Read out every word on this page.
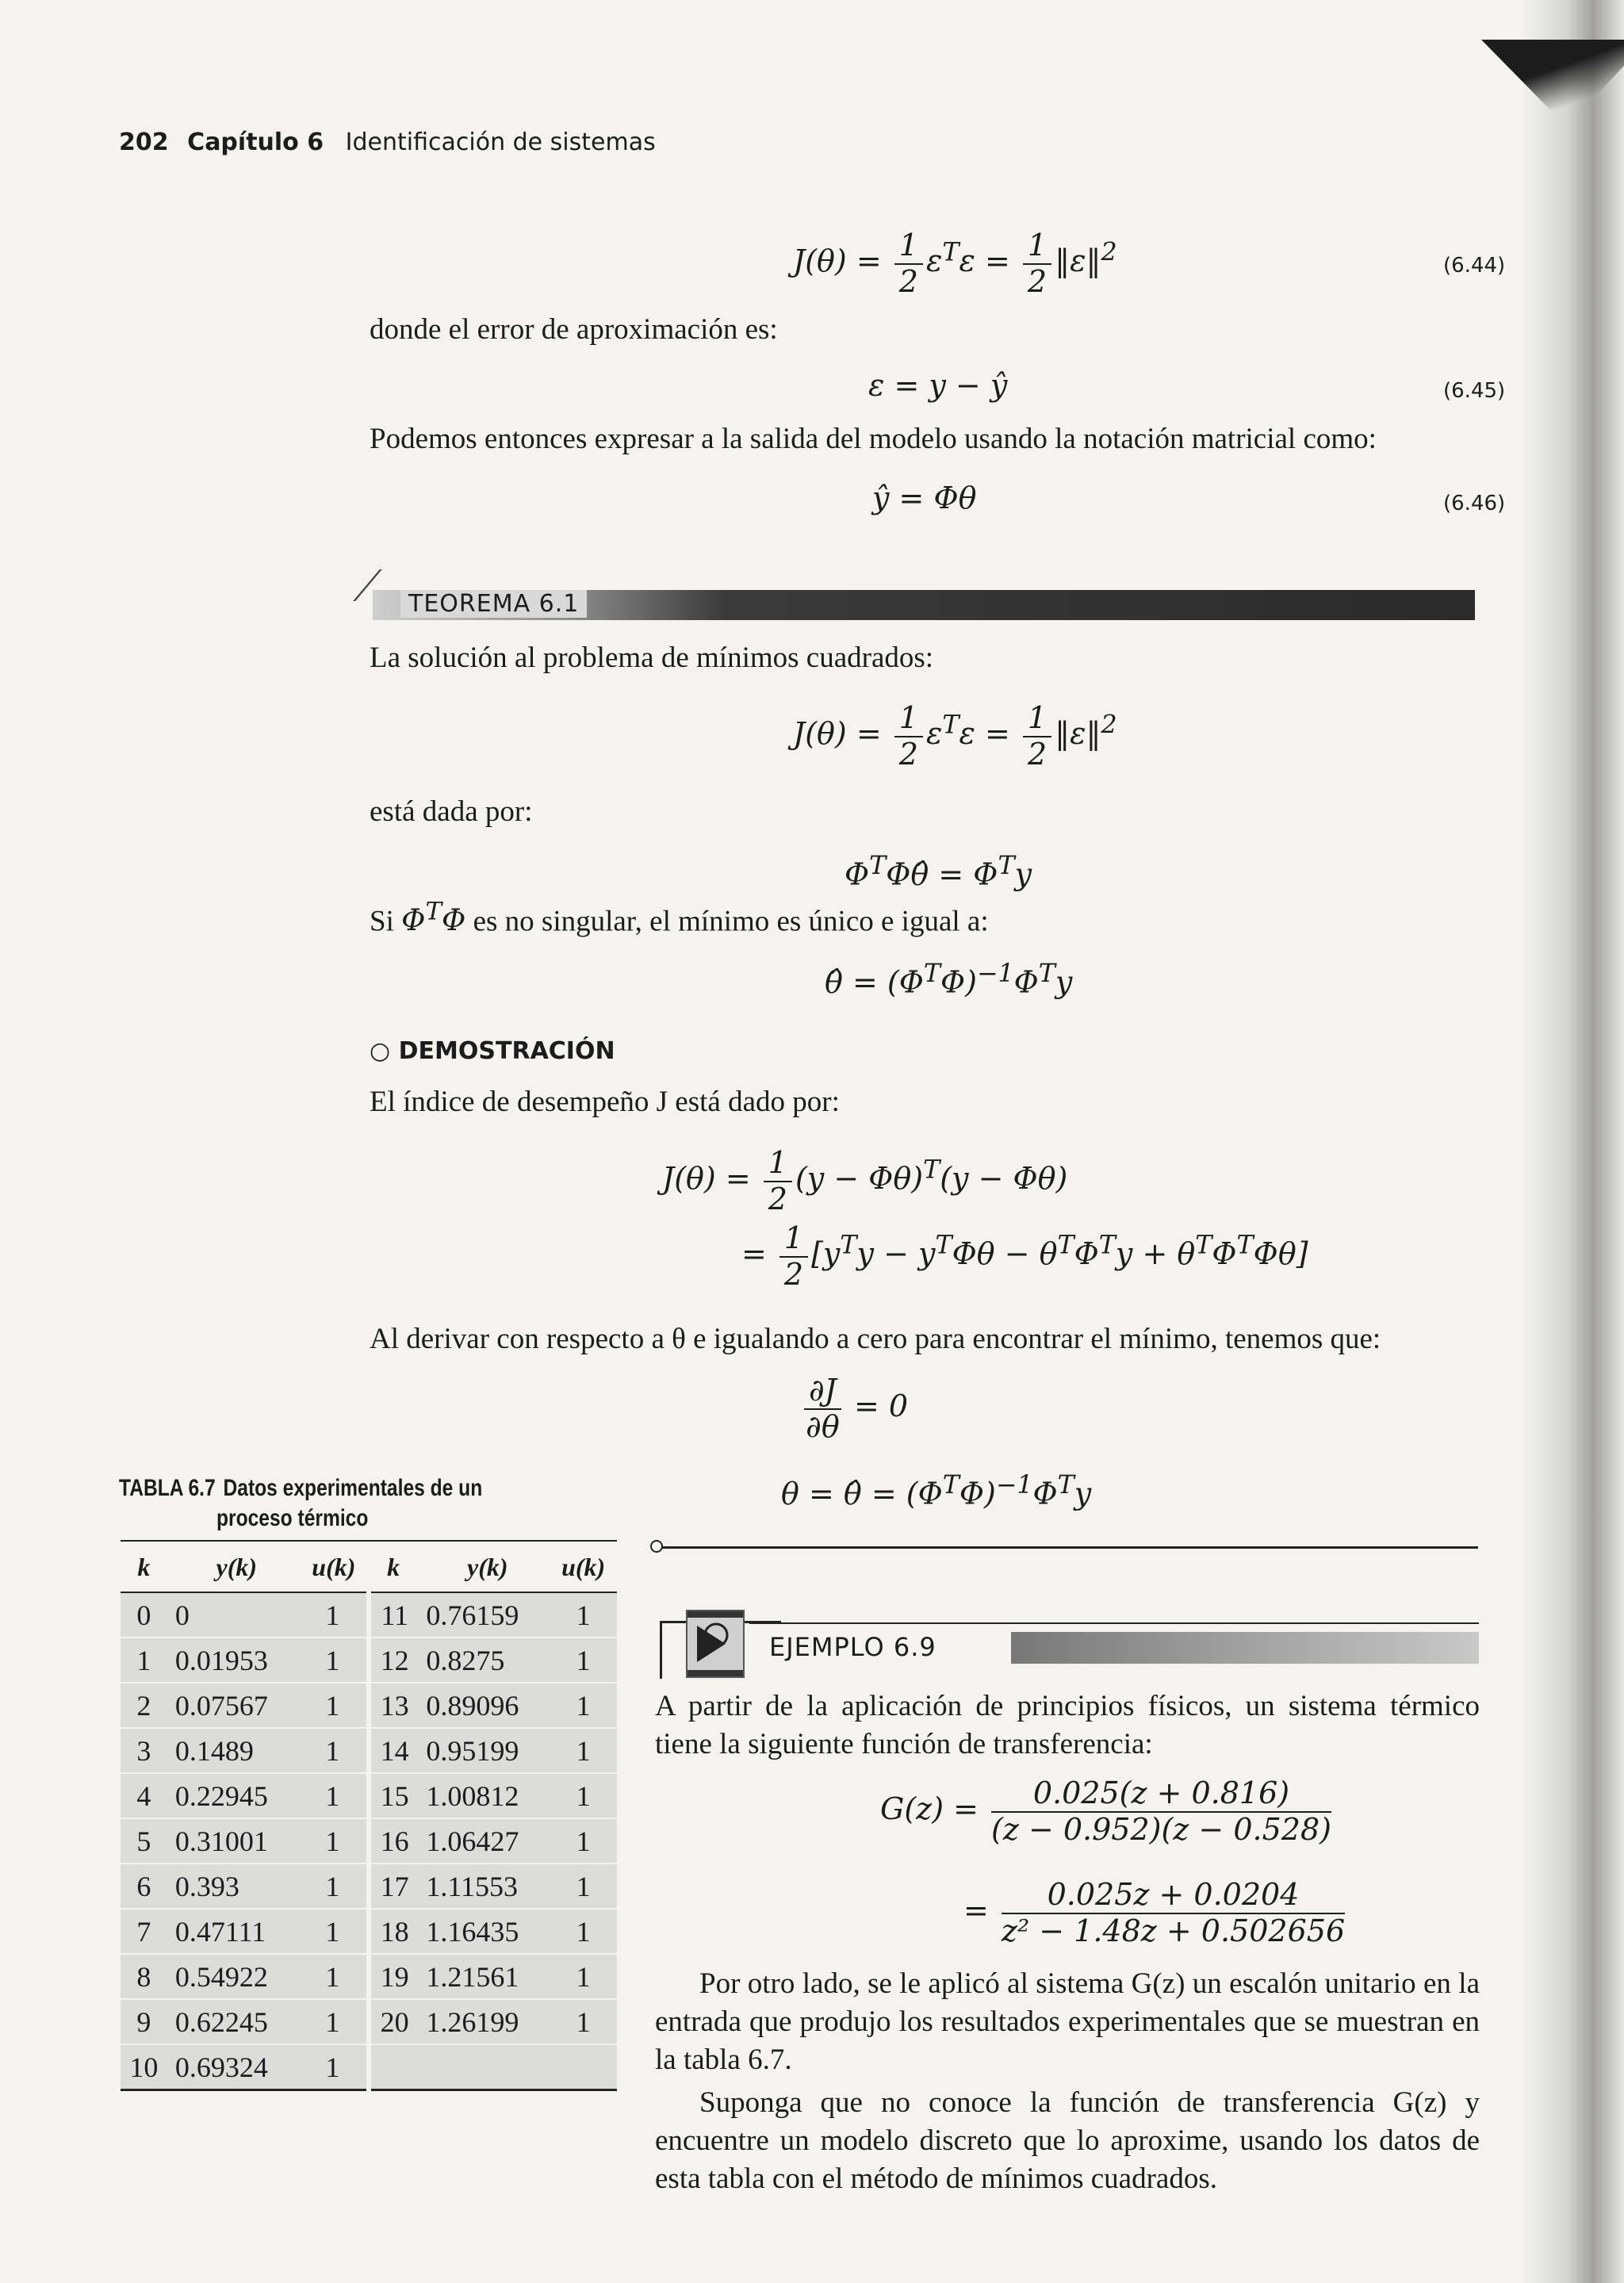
202 Capítulo 6 Identificación de sistemas
$J(\theta) = \frac{1}{2} \varepsilon^T\varepsilon = \frac{1}{2}$ ‖ε‖$^2$	(6.44)
donde el error de aproximación es:
ε = y − ŷ	(6.45)
Podemos entonces expresar a la salida del modelo usando la notación matricial como:
ŷ = Φθ	(6.46)
TEOREMA 6.1
La solución al problema de mínimos cuadrados:
$J(\theta) = \frac{1}{2} \varepsilon^T\varepsilon = \frac{1}{2}$ ‖ε‖$^2$
está dada por:
$\Phi^T\Phi\thetâ = \Phi^Ty$
Si $\Phi^T\Phi$ es no singular, el mínimo es único e igual a:
θ̂ = $(\Phi^T\Phi)^{-1}\Phi^Ty$
○ DEMOSTRACIÓN
El índice de desempeño J está dado por:
$J(\theta) = \frac{1}{2} (y - \Phi\theta)^T(y - \Phi\theta)$
= $\frac{1}{2} [y^Ty - y^T\Phi\theta - \theta^T\Phi^Ty + \theta^T\Phi^T\Phi\theta]$
Al derivar con respecto a θ e igualando a cero para encontrar el mínimo, tenemos que:
$\frac{\partial J}{\partial\theta} = 0$
θ = θ̂ = $(\Phi^T\Phi)^{-1}\Phi^Ty$
TABLA 6.7 Datos experimentales de un
proceso térmico
k	y(k)	u(k)	k	y(k)	u(k)
0	0	1	11	0.76159	1
1	0.01953	1	12	0.8275	1
2	0.07567	1	13	0.89096	1
3	0.1489	1	14	0.95199	1
4	0.22945	1	15	1.00812	1
5	0.31001	1	16	1.06427	1
6	0.393	1	17	1.11553	1
7	0.47111	1	18	1.16435	1
8	0.54922	1	19	1.21561	1
9	0.62245	1	20	1.26199	1
10	0.69324	1			
EJEMPLO 6.9
A partir de la aplicación de principios físicos, un sistema térmico tiene la siguiente función de transferencia:
$G(z) = \frac{0.025(z + 0.816)}{(z - 0.952)(z - 0.528)}$
= $\frac{0.025z + 0.0204}{\text{z² − 1.48z + 0.502656}}$
Por otro lado, se le aplicó al sistema G(z) un escalón unitario en la entrada que produjo los resultados experimentales que se muestran en la tabla 6.7.
Suponga que no conoce la función de transferencia G(z) y encuentre un modelo discreto que lo aproxime, usando los datos de esta tabla con el método de mínimos cuadrados.
